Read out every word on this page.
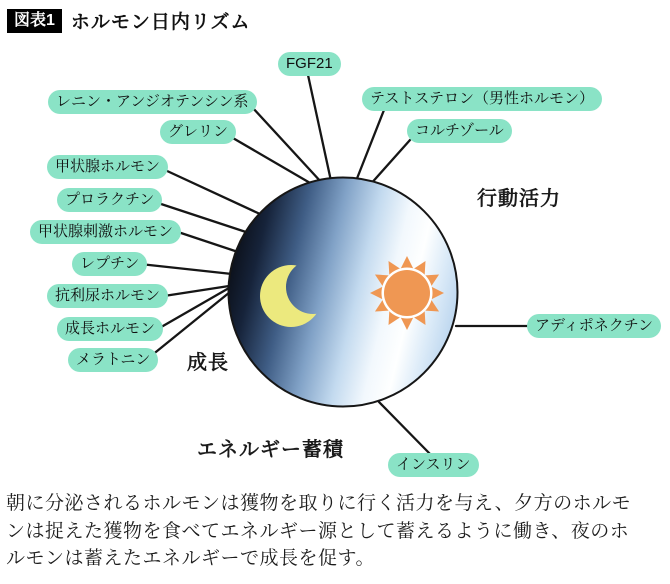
図表1 ホルモン日内リズム
FGF21
レニン・アンジオテンシン系
グレリン
テストステロン（男性ホルモン）
コルチゾール
甲状腺ホルモン
プロラクチン
甲状腺刺激ホルモン
レプチン
抗利尿ホルモン
成長ホルモン
メラトニン
アディポネクチン
インスリン
行動活力
成長
エネルギー蓄積
朝に分泌されるホルモンは獲物を取りに行く活力を与え、夕方のホルモンは捉えた獲物を食べてエネルギー源として蓄えるように働き、夜のホルモンは蓄えたエネルギーで成長を促す。
